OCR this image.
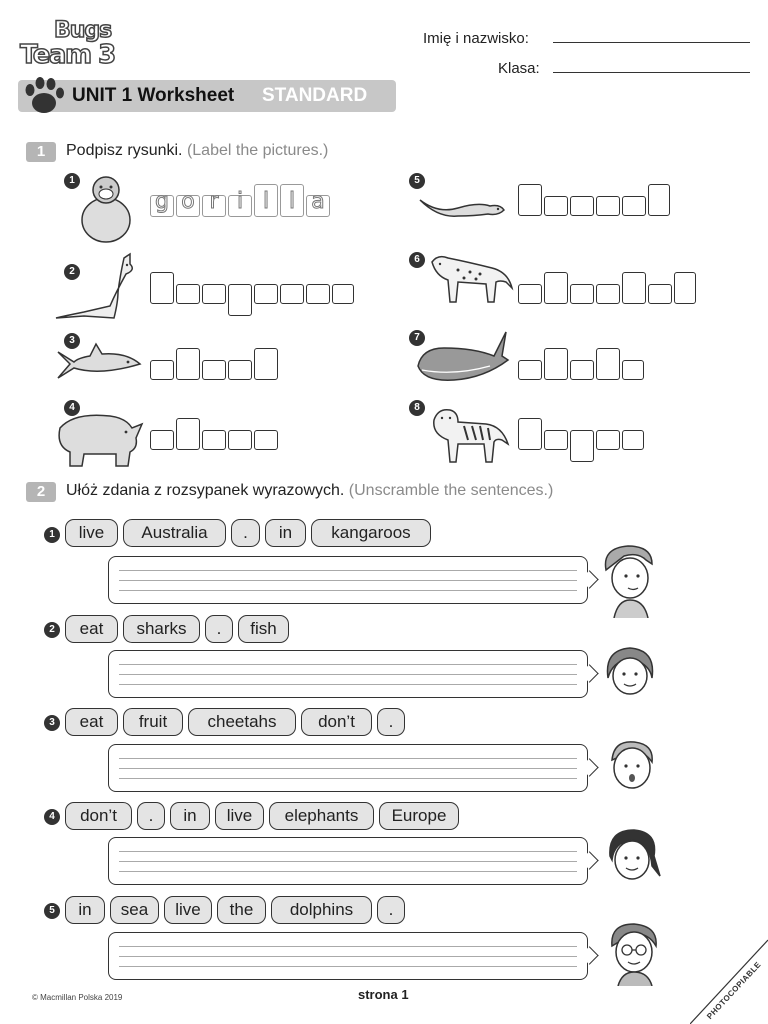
Bugs
Team 3
Imię i nazwisko:
Klasa:
UNIT 1 Worksheet STANDARD
1	Podpisz rysunki. (Label the pictures.)
1
2
3
4
5
6
7
8
g o r i l l a
2	Ułóż zdania z rozsypanek wyrazowych. (Unscramble the sentences.)
1	live	Australia	.	in	kangaroos
2	eat	sharks	.	fish
3	eat	fruit	cheetahs	don’t	.
4	don’t	.	in	live	elephants	Europe
5	in	sea	live	the	dolphins	.
© Macmillan Polska 2019	strona 1	PHOTOCOPIABLE
